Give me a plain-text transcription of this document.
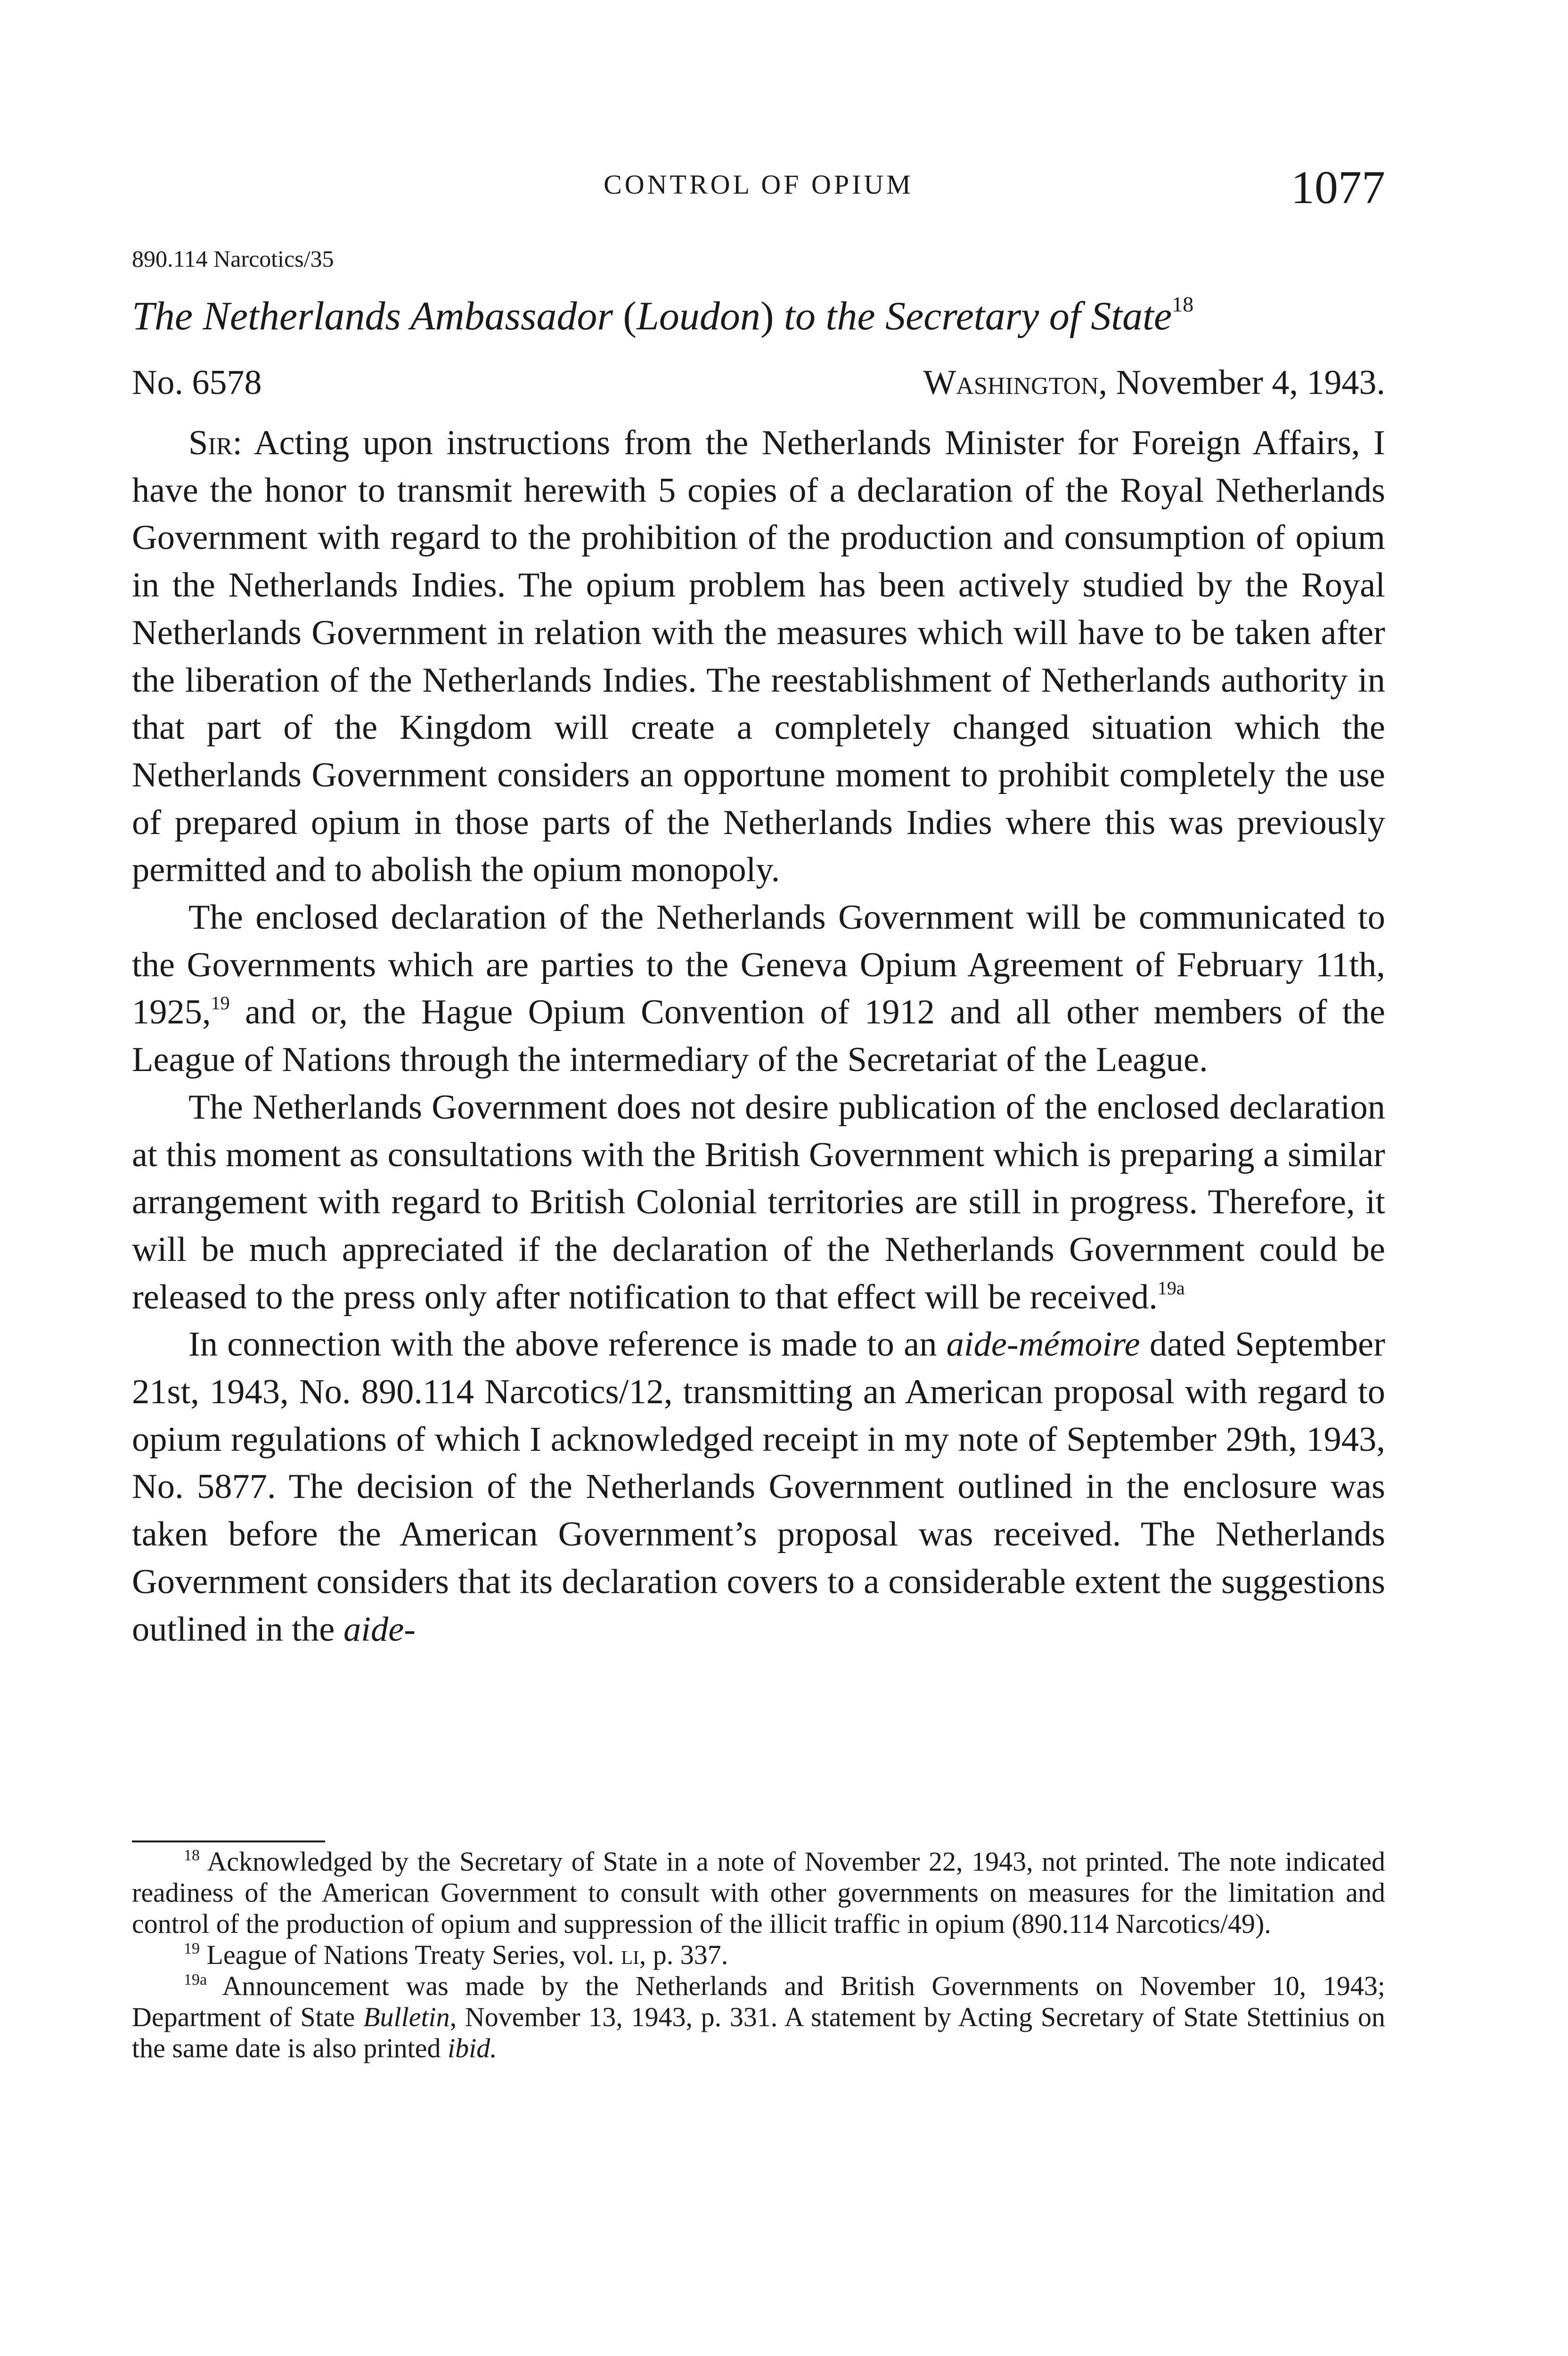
CONTROL OF OPIUM	1077
890.114 Narcotics/35
The Netherlands Ambassador (Loudon) to the Secretary of State$^{18}$
No. 6578	Washington, November 4, 1943.

Sir: Acting upon instructions from the Netherlands Minister for Foreign Affairs, I have the honor to transmit herewith 5 copies of a declaration of the Royal Netherlands Government with regard to the prohibition of the production and consumption of opium in the Netherlands Indies. The opium problem has been actively studied by the Royal Netherlands Government in relation with the measures which will have to be taken after the liberation of the Netherlands Indies. The reestablishment of Netherlands authority in that part of the Kingdom will create a completely changed situation which the Netherlands Government considers an opportune moment to prohibit completely the use of prepared opium in those parts of the Netherlands Indies where this was previously permitted and to abolish the opium monopoly.

The enclosed declaration of the Netherlands Government will be communicated to the Governments which are parties to the Geneva Opium Agreement of February 11th, 1925,19 and or, the Hague Opium Convention of 1912 and all other members of the League of Nations through the intermediary of the Secretariat of the League.

The Netherlands Government does not desire publication of the enclosed declaration at this moment as consultations with the British Government which is preparing a similar arrangement with regard to British Colonial territories are still in progress. Therefore, it will be much appreciated if the declaration of the Netherlands Government could be released to the press only after notification to that effect will be received.$^{19a}$

In connection with the above reference is made to an aide-mémoire dated September 21st, 1943, No. 890.114 Narcotics/12, transmitting an American proposal with regard to opium regulations of which I acknowledged receipt in my note of September 29th, 1943, No. 5877. The decision of the Netherlands Government outlined in the enclosure was taken before the American Government’s proposal was received. The Netherlands Government considers that its declaration covers to a considerable extent the suggestions outlined in the aide-

$^{18}$ Acknowledged by the Secretary of State in a note of November 22, 1943, not printed. The note indicated readiness of the American Government to consult with other governments on measures for the limitation and control of the production of opium and suppression of the illicit traffic in opium (890.114 Narcotics/49).

$^{19}$ League of Nations Treaty Series, vol. li, p. 337.

$^{19a}$ Announcement was made by the Netherlands and British Governments on November 10, 1943; Department of State Bulletin, November 13, 1943, p. 331. A statement by Acting Secretary of State Stettinius on the same date is also printed ibid.
